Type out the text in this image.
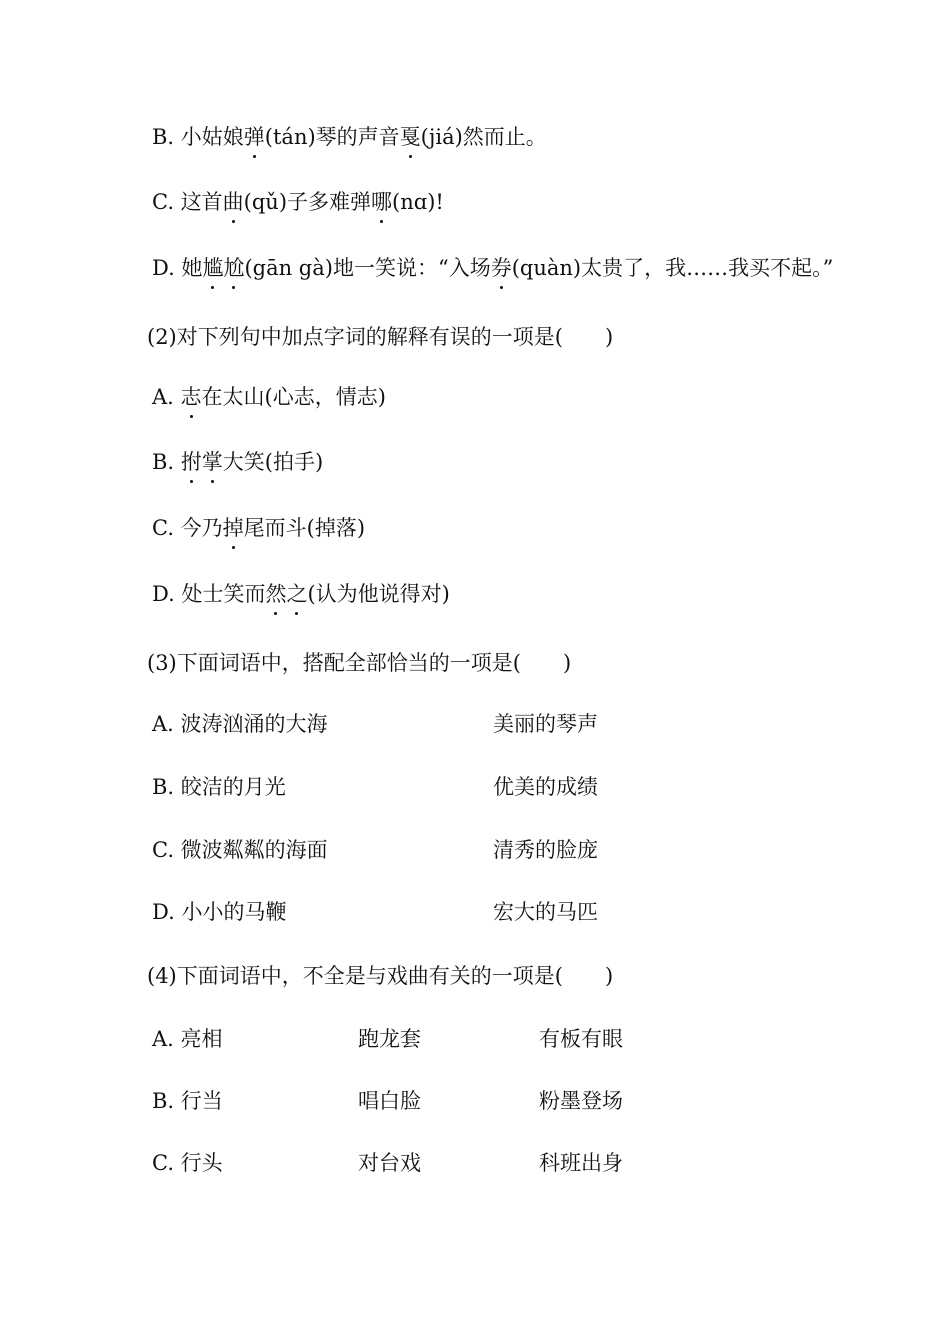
B. 小姑娘弹(tán)琴的声音戛(jiá)然而止。
C. 这首曲(qǔ)子多难弹哪(nɑ)!
D. 她尴尬(gān gà)地一笑说：“入场券(quàn)太贵了，我……我买不起。”
(2)对下列句中加点字词的解释有误的一项是( )
A. 志在太山(心志，情志)
B. 拊掌大笑(拍手)
C. 今乃掉尾而斗(掉落)
D. 处士笑而然之(认为他说得对)
(3)下面词语中，搭配全部恰当的一项是( )
A. 波涛汹涌的大海	美丽的琴声
B. 皎洁的月光	优美的成绩
C. 微波粼粼的海面	清秀的脸庞
D. 小小的马鞭	宏大的马匹
(4)下面词语中，不全是与戏曲有关的一项是( )
A. 亮相	跑龙套	有板有眼
B. 行当	唱白脸	粉墨登场
C. 行头	对台戏	科班出身
